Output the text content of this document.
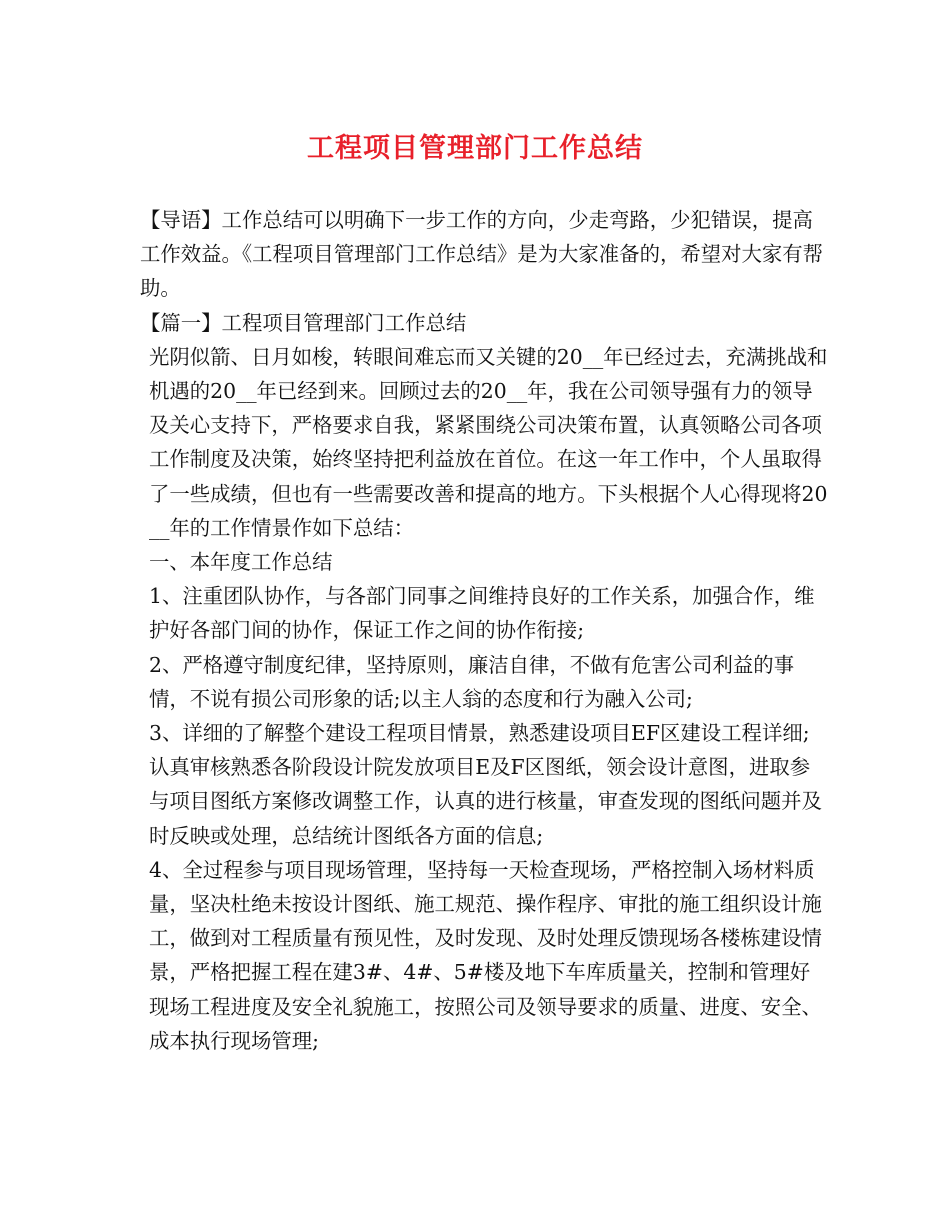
工程项目管理部门工作总结

【导语】工作总结可以明确下一步工作的方向，少走弯路，少犯错误，提高工作效益。《工程项目管理部门工作总结》是为大家准备的，希望对大家有帮助。

【篇一】工程项目管理部门工作总结

光阴似箭、日月如梭，转眼间难忘而又关键的20__年已经过去，充满挑战和机遇的20__年已经到来。回顾过去的20__年，我在公司领导强有力的领导及关心支持下，严格要求自我，紧紧围绕公司决策布置，认真领略公司各项工作制度及决策，始终坚持把利益放在首位。在这一年工作中，个人虽取得了一些成绩，但也有一些需要改善和提高的地方。下头根据个人心得现将20__年的工作情景作如下总结：

一、本年度工作总结

1、注重团队协作，与各部门同事之间维持良好的工作关系，加强合作，维护好各部门间的协作，保证工作之间的协作衔接;

2、严格遵守制度纪律，坚持原则，廉洁自律，不做有危害公司利益的事情，不说有损公司形象的话;以主人翁的态度和行为融入公司;

3、详细的了解整个建设工程项目情景，熟悉建设项目EF区建设工程详细;认真审核熟悉各阶段设计院发放项目E及F区图纸，领会设计意图，进取参与项目图纸方案修改调整工作，认真的进行核量，审查发现的图纸问题并及时反映或处理，总结统计图纸各方面的信息;

4、全过程参与项目现场管理，坚持每一天检查现场，严格控制入场材料质量，坚决杜绝未按设计图纸、施工规范、操作程序、审批的施工组织设计施工，做到对工程质量有预见性，及时发现、及时处理反馈现场各楼栋建设情景，严格把握工程在建3#、4#、5#楼及地下车库质量关，控制和管理好现场工程进度及安全礼貌施工，按照公司及领导要求的质量、进度、安全、成本执行现场管理;
